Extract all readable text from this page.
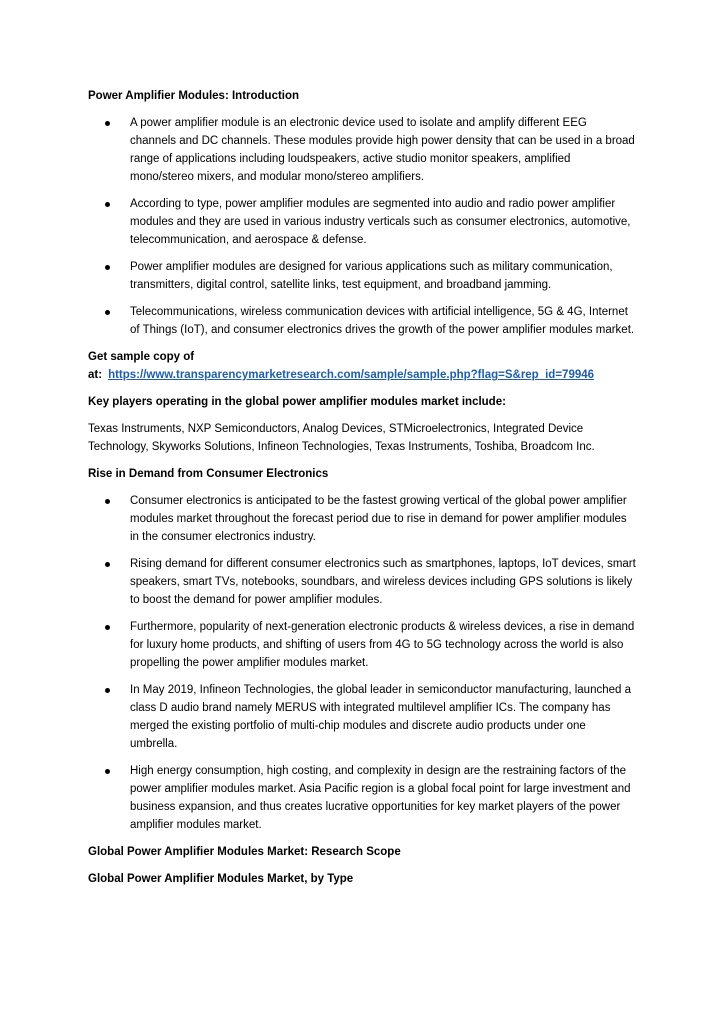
Power Amplifier Modules: Introduction
A power amplifier module is an electronic device used to isolate and amplify different EEG channels and DC channels. These modules provide high power density that can be used in a broad range of applications including loudspeakers, active studio monitor speakers, amplified mono/stereo mixers, and modular mono/stereo amplifiers.
According to type, power amplifier modules are segmented into audio and radio power amplifier modules and they are used in various industry verticals such as consumer electronics, automotive, telecommunication, and aerospace & defense.
Power amplifier modules are designed for various applications such as military communication, transmitters, digital control, satellite links, test equipment, and broadband jamming.
Telecommunications, wireless communication devices with artificial intelligence, 5G & 4G, Internet of Things (IoT), and consumer electronics drives the growth of the power amplifier modules market.
Get sample copy of
at: https://www.transparencymarketresearch.com/sample/sample.php?flag=S&rep_id=79946
Key players operating in the global power amplifier modules market include:
Texas Instruments, NXP Semiconductors, Analog Devices, STMicroelectronics, Integrated Device Technology, Skyworks Solutions, Infineon Technologies, Texas Instruments, Toshiba, Broadcom Inc.
Rise in Demand from Consumer Electronics
Consumer electronics is anticipated to be the fastest growing vertical of the global power amplifier modules market throughout the forecast period due to rise in demand for power amplifier modules in the consumer electronics industry.
Rising demand for different consumer electronics such as smartphones, laptops, IoT devices, smart speakers, smart TVs, notebooks, soundbars, and wireless devices including GPS solutions is likely to boost the demand for power amplifier modules.
Furthermore, popularity of next-generation electronic products & wireless devices, a rise in demand for luxury home products, and shifting of users from 4G to 5G technology across the world is also propelling the power amplifier modules market.
In May 2019, Infineon Technologies, the global leader in semiconductor manufacturing, launched a class D audio brand namely MERUS with integrated multilevel amplifier ICs. The company has merged the existing portfolio of multi-chip modules and discrete audio products under one umbrella.
High energy consumption, high costing, and complexity in design are the restraining factors of the power amplifier modules market. Asia Pacific region is a global focal point for large investment and business expansion, and thus creates lucrative opportunities for key market players of the power amplifier modules market.
Global Power Amplifier Modules Market: Research Scope
Global Power Amplifier Modules Market, by Type
